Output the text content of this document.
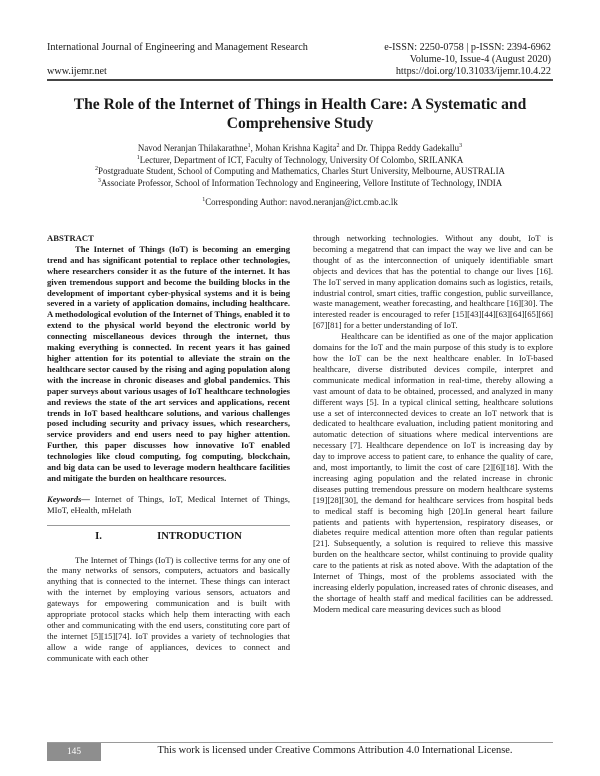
International Journal of Engineering and Management Research	e-ISSN: 2250-0758 | p-ISSN: 2394-6962
Volume-10, Issue-4 (August 2020)
https://doi.org/10.31033/ijemr.10.4.22
www.ijemr.net
The Role of the Internet of Things in Health Care: A Systematic and
Comprehensive Study
Navod Neranjan Thilakarathne$^1$, Mohan Krishna Kagita$^2$ and Dr. Thippa Reddy Gadekallu$^3$
$^1$Lecturer, Department of ICT, Faculty of Technology, University Of Colombo, SRILANKA
$^2$Postgraduate Student, School of Computing and Mathematics, Charles Sturt University, Melbourne, AUSTRALIA
$^3$Associate Professor, School of Information Technology and Engineering, Vellore Institute of Technology, INDIA
$^1$Corresponding Author: navod.neranjan@ict.cmb.ac.lk

ABSTRACT

The Internet of Things (IoT) is becoming an emerging trend and has significant potential to replace other technologies, where researchers consider it as the future of the internet. It has given tremendous support and become the building blocks in the development of important cyber-physical systems and it is being severed in a variety of application domains, including healthcare. A methodological evolution of the Internet of Things, enabled it to extend to the physical world beyond the electronic world by connecting miscellaneous devices through the internet, thus making everything is connected. In recent years it has gained higher attention for its potential to alleviate the strain on the healthcare sector caused by the rising and aging population along with the increase in chronic diseases and global pandemics. This paper surveys about various usages of IoT healthcare technologies and reviews the state of the art services and applications, recent trends in IoT based healthcare solutions, and various challenges posed including security and privacy issues, which researchers, service providers and end users need to pay higher attention. Further, this paper discusses how innovative IoT enabled technologies like cloud computing, fog computing, blockchain, and big data can be used to leverage modern healthcare facilities and mitigate the burden on healthcare resources.

Keywords— Internet of Things, IoT, Medical Internet of Things, MIoT, eHealth, mHelath

I.	INTRODUCTION

The Internet of Things (IoT) is collective terms for any one of the many networks of sensors, computers, actuators and basically anything that is connected to the internet. These things can interact with the internet by employing various sensors, actuators and gateways for empowering communication and is built with appropriate protocol stacks which help them interacting with each other and communicating with the end users, constituting core part of the internet [5][15][74]. IoT provides a variety of technologies that allow a wide range of appliances, devices to connect and communicate with each other

through networking technologies. Without any doubt, IoT is becoming a megatrend that can impact the way we live and can be thought of as the interconnection of uniquely identifiable smart objects and devices that has the potential to change our lives [16]. The IoT served in many application domains such as logistics, retails, industrial control, smart cities, traffic congestion, public surveillance, waste management, weather forecasting, and healthcare [16][30]. The interested reader is encouraged to refer [15][43][44][63][64][65][66][67][81] for a better understanding of IoT.

Healthcare can be identified as one of the major application domains for the IoT and the main purpose of this study is to explore how the IoT can be the next healthcare enabler. In IoT-based healthcare, diverse distributed devices compile, interpret and communicate medical information in real-time, thereby allowing a vast amount of data to be obtained, processed, and analyzed in many different ways [5]. In a typical clinical setting, healthcare solutions use a set of interconnected devices to create an IoT network that is dedicated to healthcare evaluation, including patient monitoring and automatic detection of situations where medical interventions are necessary [7]. Healthcare dependence on IoT is increasing day by day to improve access to patient care, to enhance the quality of care, and, most importantly, to limit the cost of care [2][6][18]. With the increasing aging population and the related increase in chronic diseases putting tremendous pressure on modern healthcare systems [19][28][30], the demand for healthcare services from hospital beds to medical staff is becoming high [20].In general heart failure patients and patients with hypertension, respiratory diseases, or diabetes require medical attention more often than regular patients [21]. Subsequently, a solution is required to relieve this massive burden on the healthcare sector, whilst continuing to provide quality care to the patients at risk as noted above. With the adaptation of the Internet of Things, most of the problems associated with the increasing elderly population, increased rates of chronic diseases, and the shortage of health staff and medical facilities can be addressed. Modern medical care measuring devices such as blood

145	This work is licensed under Creative Commons Attribution 4.0 International License.
